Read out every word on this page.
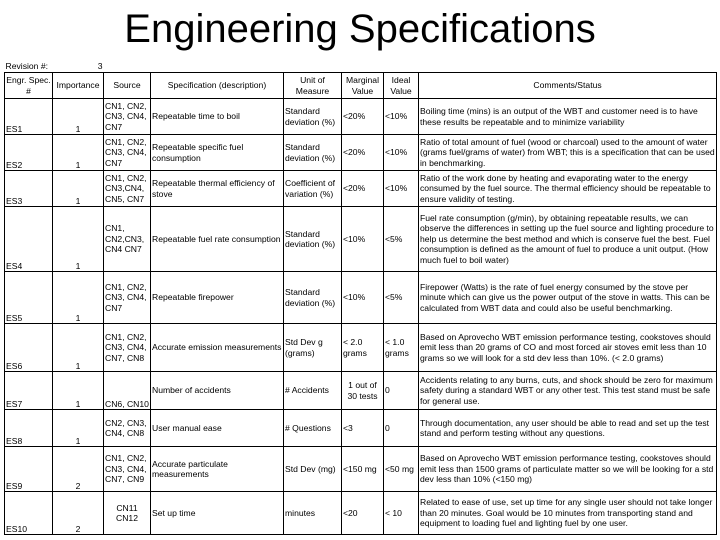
Engineering Specifications
Revision #:	3						
Engr. Spec. #	Importance	Source	Specification (description)	Unit of Measure	Marginal Value	Ideal Value	Comments/Status
ES1	1	CN1, CN2, CN3, CN4, CN7	Repeatable time to boil	Standard deviation (%)	<20%	<10%	Boiling time (mins) is an output of the WBT and customer need is to have these results be repeatable and to minimize variability
ES2	1	CN1, CN2, CN3, CN4, CN7	Repeatable specific fuel consumption	Standard deviation (%)	<20%	<10%	Ratio of total amount of fuel (wood or charcoal) used to the amount of water (grams fuel/grams of water) from WBT; this is a specification that can be used in benchmarking.
ES3	1	CN1, CN2, CN3,CN4, CN5, CN7	Repeatable thermal efficiency of stove	Coefficient of variation (%)	<20%	<10%	Ratio of the work done by heating and evaporating water to the energy consumed by the fuel source. The thermal efficiency should be repeatable to ensure validity of testing.
ES4	1	CN1, CN2,CN3, CN4 CN7	Repeatable fuel rate consumption	Standard deviation (%)	<10%	<5%	Fuel rate consumption (g/min), by obtaining repeatable results, we can observe the differences in setting up the fuel source and lighting procedure to help us determine the best method and which is conserve fuel the best. Fuel consumption is defined as the amount of fuel to produce a unit output. (How much fuel to boil water)
ES5	1	CN1, CN2, CN3, CN4, CN7	Repeatable firepower	Standard deviation (%)	<10%	<5%	Firepower (Watts) is the rate of fuel energy consumed by the stove per minute which can give us the power output of the stove in watts. This can be calculated from WBT data and could also be useful benchmarking.
ES6	1	CN1, CN2, CN3, CN4, CN7, CN8	Accurate emission measurements	Std Dev g (grams)	< 2.0 grams	< 1.0 grams	Based on Aprovecho WBT emission performance testing, cookstoves should emit less than 20 grams of CO and most forced air stoves emit less than 10 grams so we will look for a std dev less than 10%. (< 2.0 grams)
ES7	1	CN6, CN10	Number of accidents	# Accidents	1 out of 30 tests	0	Accidents relating to any burns, cuts, and shock should be zero for maximum safety during a standard WBT or any other test. This test stand must be safe for general use.
ES8	1	CN2, CN3, CN4, CN8	User manual ease	# Questions	<3	0	Through documentation, any user should be able to read and set up the test stand and perform testing without any questions.
ES9	2	CN1, CN2, CN3, CN4, CN7, CN9	Accurate particulate measurements	Std Dev (mg)	<150 mg	<50 mg	Based on Aprovecho WBT emission performance testing, cookstoves should emit less than 1500 grams of particulate matter so we will be looking for a std dev less than 10% (<150 mg)
ES10	2	CN11 CN12	Set up time	minutes	<20	< 10	Related to ease of use, set up time for any single user should not take longer than 20 minutes. Goal would be 10 minutes from transporting stand and equipment to loading fuel and lighting fuel by one user.
